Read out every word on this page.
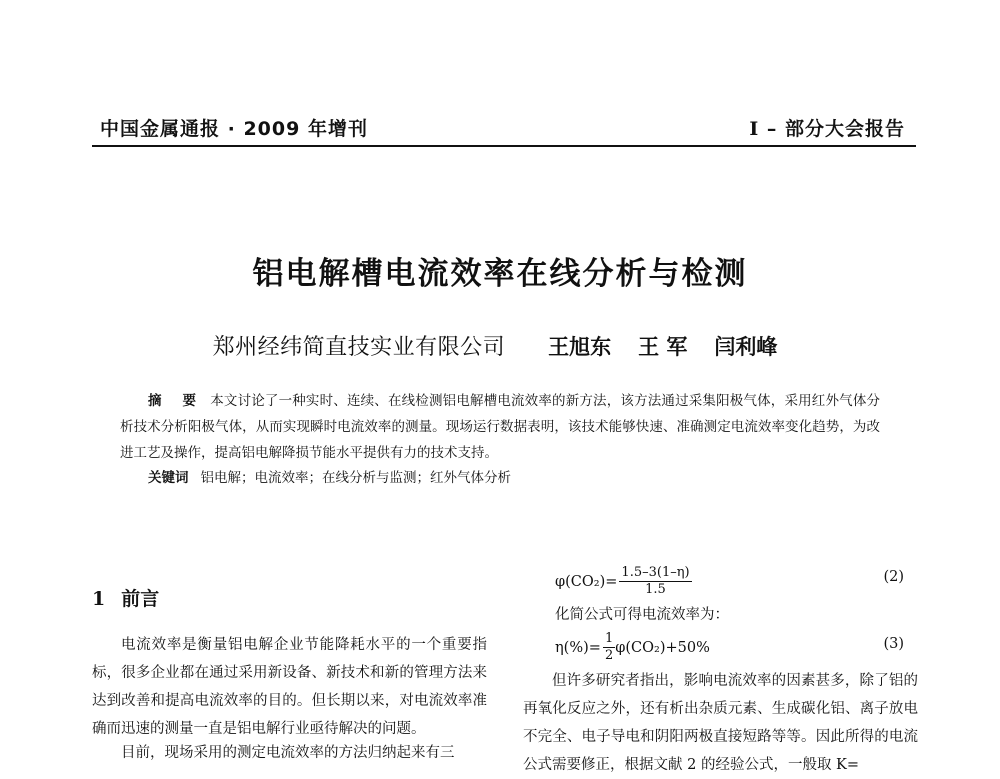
中国金属通报 · 2009 年增刊	I – 部分大会报告
铝电解槽电流效率在线分析与检测
郑州经纬简直技实业有限公司 王旭东 王 军 闫利峰
摘 要 本文讨论了一种实时、连续、在线检测铝电解槽电流效率的新方法，该方法通过采集阳极气体，采用红外气体分析技术分析阳极气体，从而实现瞬时电流效率的测量。现场运行数据表明，该技术能够快速、准确测定电流效率变化趋势，为改进工艺及操作，提高铝电解降损节能水平提供有力的技术支持。
关键词 铝电解；电流效率；在线分析与监测；红外气体分析
1 前言
电流效率是衡量铝电解企业节能降耗水平的一个重要指标，很多企业都在通过采用新设备、新技术和新的管理方法来达到改善和提高电流效率的目的。但长期以来，对电流效率准确而迅速的测量一直是铝电解行业亟待解决的问题。
目前，现场采用的测定电流效率的方法归纳起来有三
$\varphi(CO_2)= \frac{1.5-3(1-\eta)}{1.5}$	(2)
化简公式可得电流效率为：
$\eta(\%)= \frac{1}{2} \varphi(CO_2)+50\%$	(3)
但许多研究者指出，影响电流效率的因素甚多，除了铝的再氧化反应之外，还有析出杂质元素、生成碳化铝、离子放电不完全、电子导电和阴阳两极直接短路等等。因此所得的电流公式需要修正，根据文献 2 的经验公式，一般取 K=
